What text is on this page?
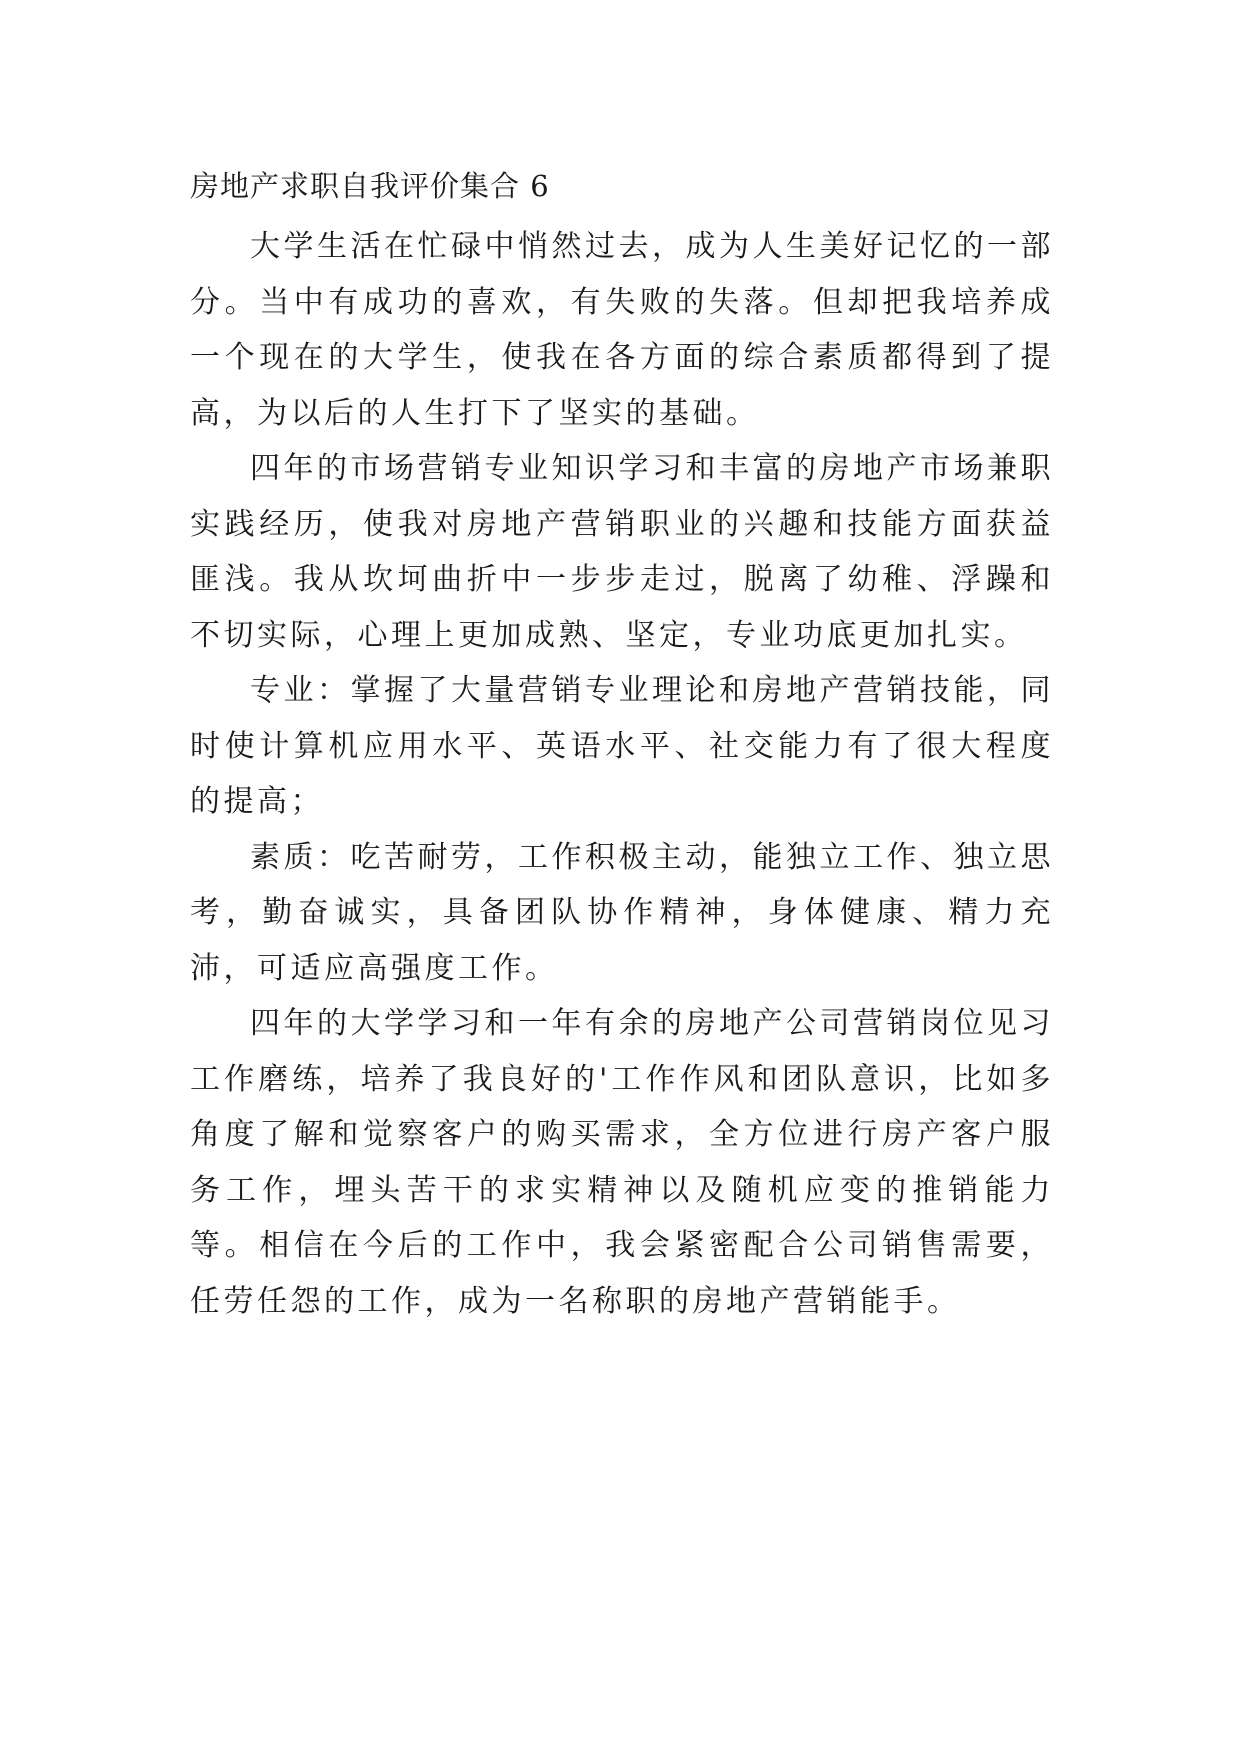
房地产求职自我评价集合 6

大学生活在忙碌中悄然过去，成为人生美好记忆的一部分。当中有成功的喜欢，有失败的失落。但却把我培养成一个现在的大学生，使我在各方面的综合素质都得到了提高，为以后的人生打下了坚实的基础。

四年的市场营销专业知识学习和丰富的房地产市场兼职实践经历，使我对房地产营销职业的兴趣和技能方面获益匪浅。我从坎坷曲折中一步步走过，脱离了幼稚、浮躁和不切实际，心理上更加成熟、坚定，专业功底更加扎实。

专业：掌握了大量营销专业理论和房地产营销技能，同时使计算机应用水平、英语水平、社交能力有了很大程度的提高；

素质：吃苦耐劳，工作积极主动，能独立工作、独立思考，勤奋诚实，具备团队协作精神，身体健康、精力充沛，可适应高强度工作。

四年的大学学习和一年有余的房地产公司营销岗位见习工作磨练，培养了我良好的'工作作风和团队意识，比如多角度了解和觉察客户的购买需求，全方位进行房产客户服务工作，埋头苦干的求实精神以及随机应变的推销能力等。相信在今后的工作中，我会紧密配合公司销售需要，任劳任怨的工作，成为一名称职的房地产营销能手。
